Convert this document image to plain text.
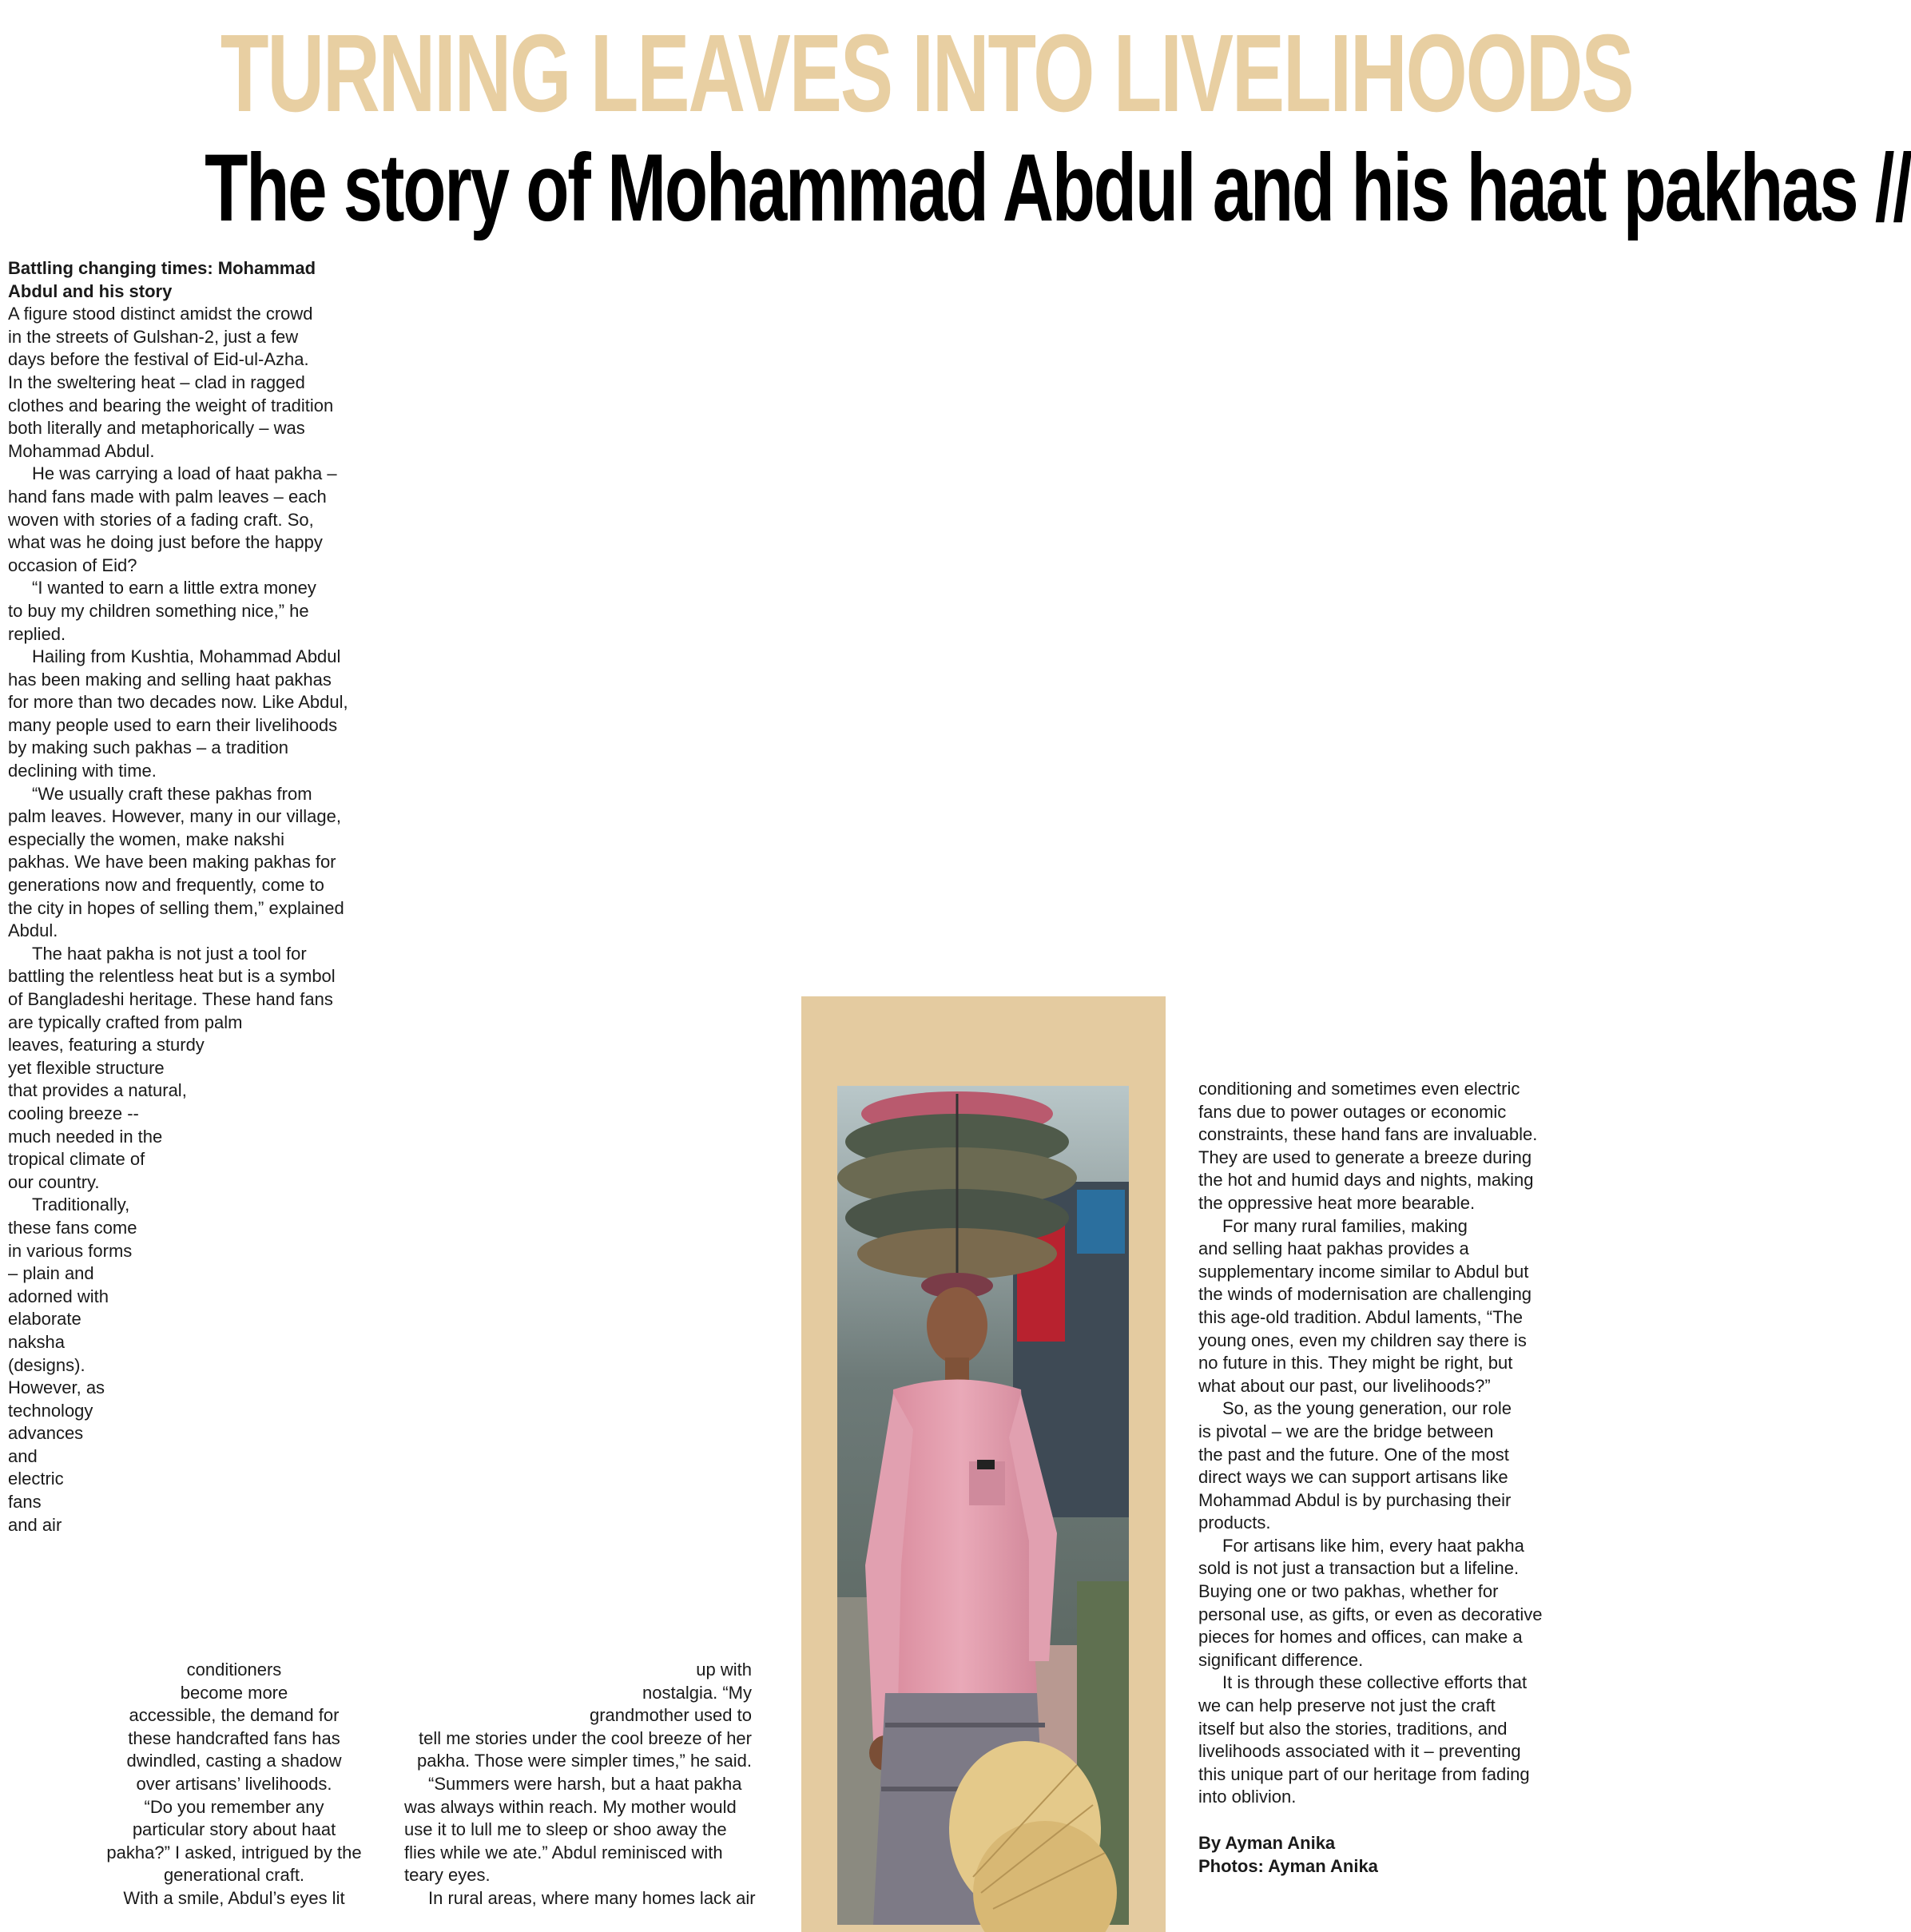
TURNING LEAVES INTO LIVELIHOODS
The story of Mohammad Abdul and his haat pakhas //

Battling changing times: Mohammad
Abdul and his story

A figure stood distinct amidst the crowd
in the streets of Gulshan-2, just a few
days before the festival of Eid-ul-Azha.
In the sweltering heat – clad in ragged
clothes and bearing the weight of tradition
both literally and metaphorically – was
Mohammad Abdul.

He was carrying a load of haat pakha –
hand fans made with palm leaves – each
woven with stories of a fading craft. So,
what was he doing just before the happy
occasion of Eid?

“I wanted to earn a little extra money
to buy my children something nice,” he
replied.

Hailing from Kushtia, Mohammad Abdul
has been making and selling haat pakhas
for more than two decades now. Like Abdul,
many people used to earn their livelihoods
by making such pakhas – a tradition
declining with time.

“We usually craft these pakhas from
palm leaves. However, many in our village,
especially the women, make nakshi
pakhas. We have been making pakhas for
generations now and frequently, come to
the city in hopes of selling them,” explained
Abdul.

The haat pakha is not just a tool for
battling the relentless heat but is a symbol
of Bangladeshi heritage. These hand fans
are typically crafted from palm
leaves, featuring a sturdy
yet flexible structure
that provides a natural,
cooling breeze --
much needed in the
tropical climate of
our country.

Traditionally,
these fans come
in various forms
– plain and
adorned with
elaborate
naksha
(designs).
However, as
technology
advances
and
electric
fans
and air

conditioners
become more
accessible, the demand for
these handcrafted fans has
dwindled, casting a shadow
over artisans’ livelihoods.

“Do you remember any
particular story about haat
pakha?” I asked, intrigued by the
generational craft.

With a smile, Abdul’s eyes lit

up with
nostalgia. “My
grandmother used to
tell me stories under the cool breeze of her
pakha. Those were simpler times,” he said.

“Summers were harsh, but a haat pakha
was always within reach. My mother would
use it to lull me to sleep or shoo away the
flies while we ate.” Abdul reminisced with
teary eyes.

In rural areas, where many homes lack air

conditioning and sometimes even electric
fans due to power outages or economic
constraints, these hand fans are invaluable.
They are used to generate a breeze during
the hot and humid days and nights, making
the oppressive heat more bearable.

For many rural families, making
and selling haat pakhas provides a
supplementary income similar to Abdul but
the winds of modernisation are challenging
this age-old tradition. Abdul laments, “The
young ones, even my children say there is
no future in this. They might be right, but
what about our past, our livelihoods?”

So, as the young generation, our role
is pivotal – we are the bridge between
the past and the future. One of the most
direct ways we can support artisans like
Mohammad Abdul is by purchasing their
products.

For artisans like him, every haat pakha
sold is not just a transaction but a lifeline.
Buying one or two pakhas, whether for
personal use, as gifts, or even as decorative
pieces for homes and offices, can make a
significant difference.

It is through these collective efforts that
we can help preserve not just the craft
itself but also the stories, traditions, and
livelihoods associated with it – preventing
this unique part of our heritage from fading
into oblivion.

By Ayman Anika

Photos: Ayman Anika
